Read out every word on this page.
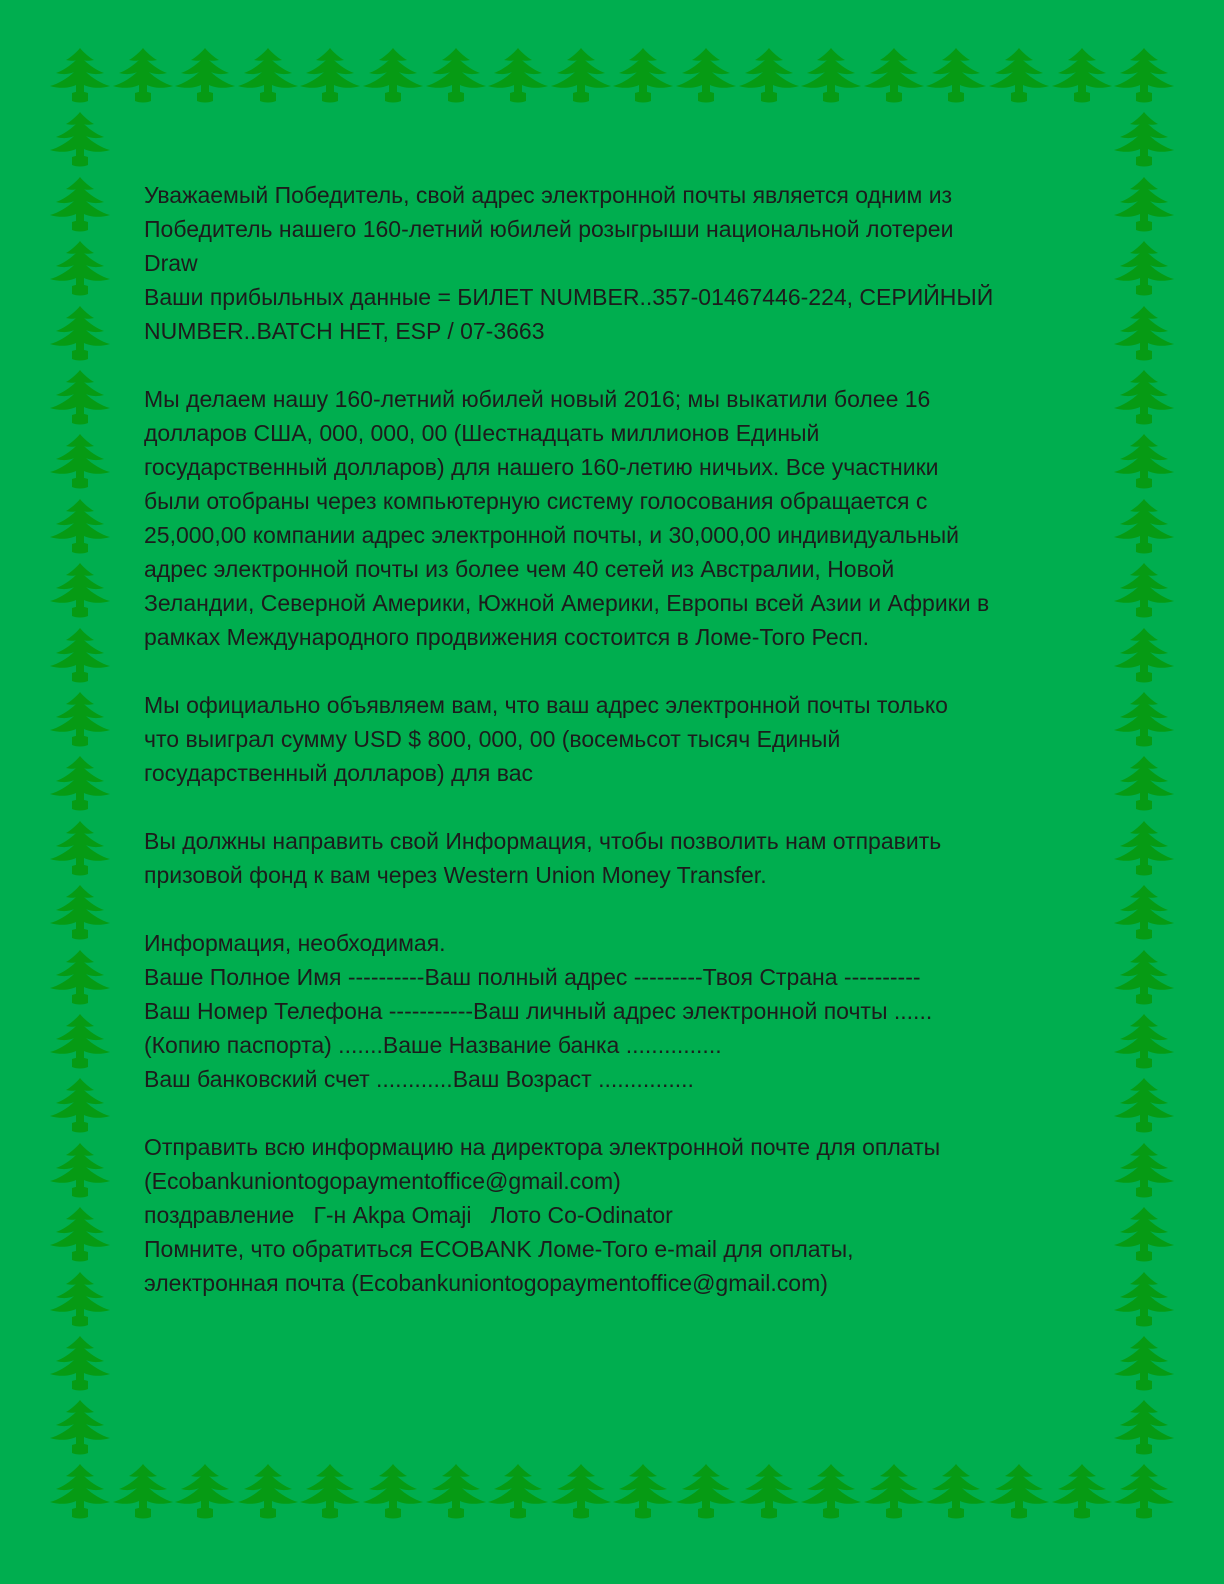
Уважаемый Победитель, свой адрес электронной почты является одним из
Победитель нашего 160-летний юбилей розыгрыши национальной лотереи
Draw
Ваши прибыльных данные = БИЛЕТ NUMBER..357-01467446-224, СЕРИЙНЫЙ
NUMBER..BATCH НЕТ, ESP / 07-3663
Мы делаем нашу 160-летний юбилей новый 2016; мы выкатили более 16
долларов США, 000, 000, 00 (Шестнадцать миллионов Единый
государственный долларов) для нашего 160-летию ничьих. Все участники
были отобраны через компьютерную систему голосования обращается с
25,000,00 компании адрес электронной почты, и 30,000,00 индивидуальный
адрес электронной почты из более чем 40 сетей из Австралии, Новой
Зеландии, Северной Америки, Южной Америки, Европы всей Азии и Африки в
рамках Международного продвижения состоится в Ломе-Того Респ.
Мы официально объявляем вам, что ваш адрес электронной почты только
что выиграл сумму USD $ 800, 000, 00 (восемьсот тысяч Единый
государственный долларов) для вас
Вы должны направить свой Информация, чтобы позволить нам отправить
призовой фонд к вам через Western Union Money Transfer.
Информация, необходимая.
Ваше Полное Имя ----------Ваш полный адрес ---------Твоя Страна ----------
Ваш Номер Телефона -----------Ваш личный адрес электронной почты ......
(Копию паспорта) .......Ваше Название банка ...............
Ваш банковский счет ............Ваш Возраст ...............
Отправить всю информацию на директора электронной почте для оплаты
(Ecobankuniontogopaymentoffice@gmail.com)
поздравление   Г-н Akpa Omaji   Лото Co-Odinator
Помните, что обратиться ECOBANK Ломе-Того e-mail для оплаты,
электронная почта (Ecobankuniontogopaymentoffice@gmail.com)
